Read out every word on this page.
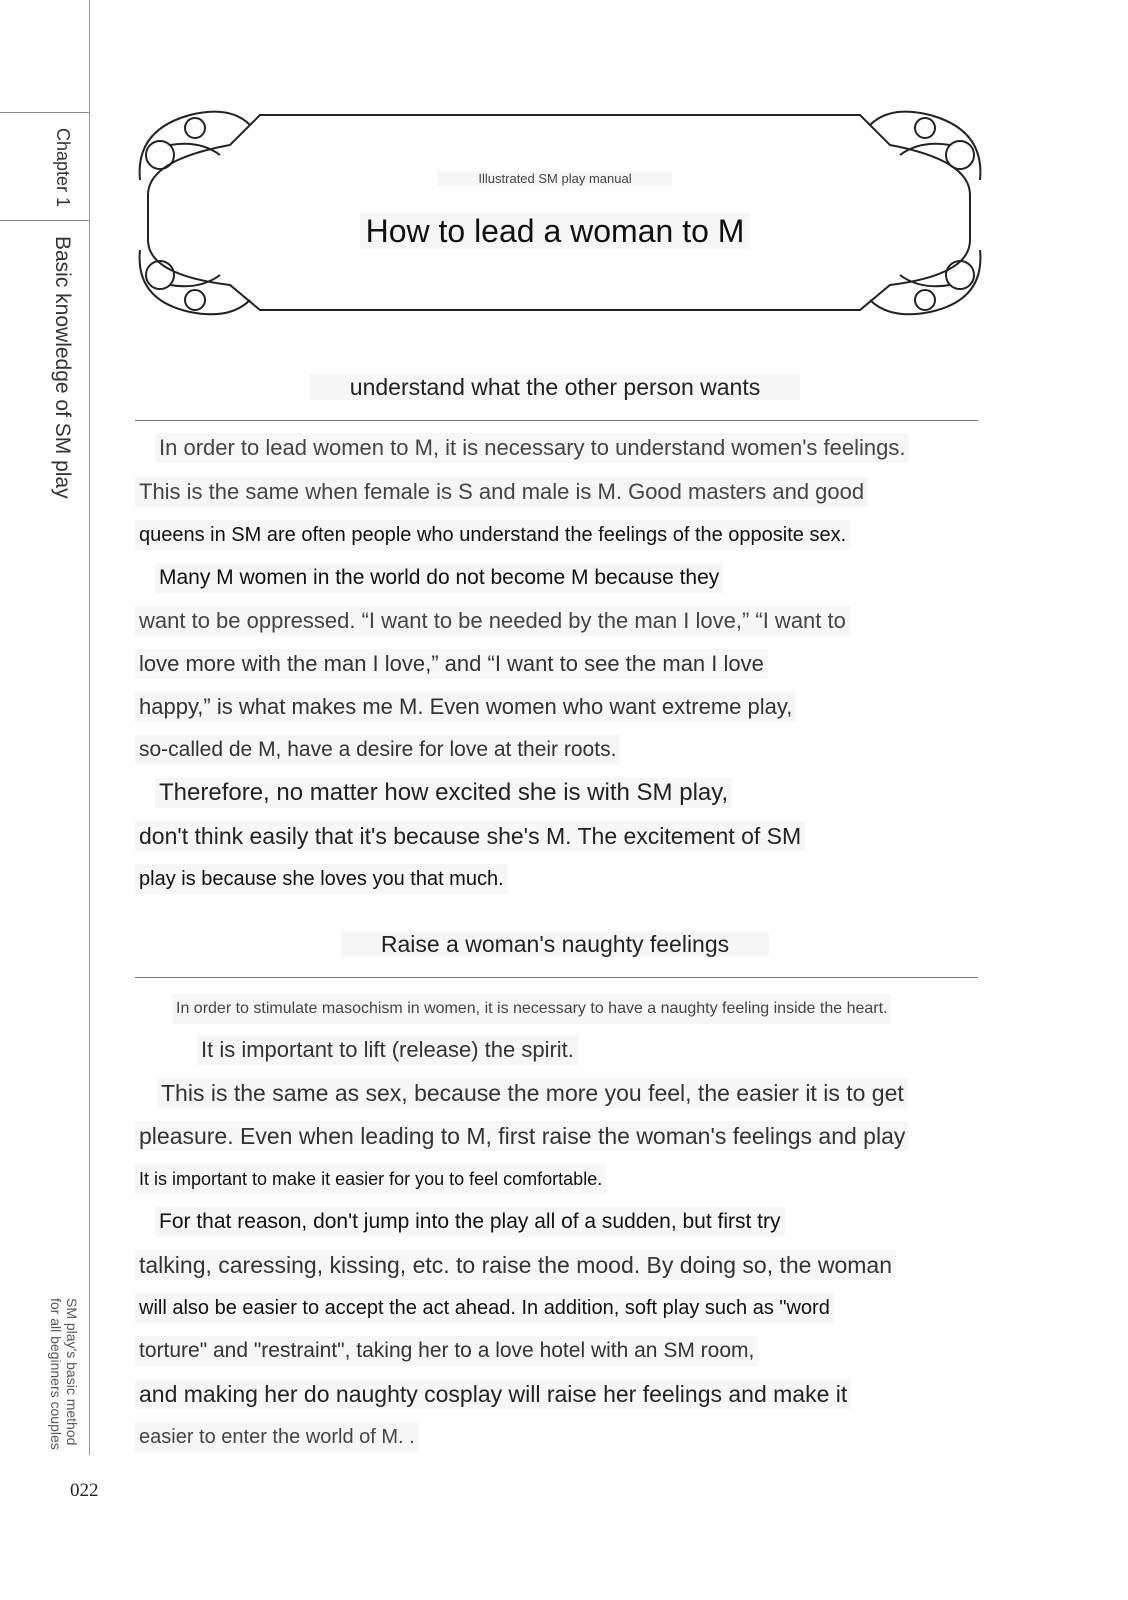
Chapter 1
Basic knowledge of SM play
SM play's basic method
for all beginners couples
022
Illustrated SM play manual
How to lead a woman to M
understand what the other person wants
In order to lead women to M, it is necessary to understand women's feelings.
This is the same when female is S and male is M. Good masters and good
queens in SM are often people who understand the feelings of the opposite sex.
Many M women in the world do not become M because they
want to be oppressed. “I want to be needed by the man I love,” “I want to
love more with the man I love,” and “I want to see the man I love
happy,” is what makes me M. Even women who want extreme play,
so-called de M, have a desire for love at their roots.
Therefore, no matter how excited she is with SM play,
don't think easily that it's because she's M. The excitement of SM
play is because she loves you that much.
Raise a woman's naughty feelings
In order to stimulate masochism in women, it is necessary to have a naughty feeling inside the heart.
It is important to lift (release) the spirit.
This is the same as sex, because the more you feel, the easier it is to get
pleasure. Even when leading to M, first raise the woman's feelings and play
It is important to make it easier for you to feel comfortable.
For that reason, don't jump into the play all of a sudden, but first try
talking, caressing, kissing, etc. to raise the mood. By doing so, the woman
will also be easier to accept the act ahead. In addition, soft play such as "word
torture" and "restraint", taking her to a love hotel with an SM room,
and making her do naughty cosplay will raise her feelings and make it
easier to enter the world of M. .
